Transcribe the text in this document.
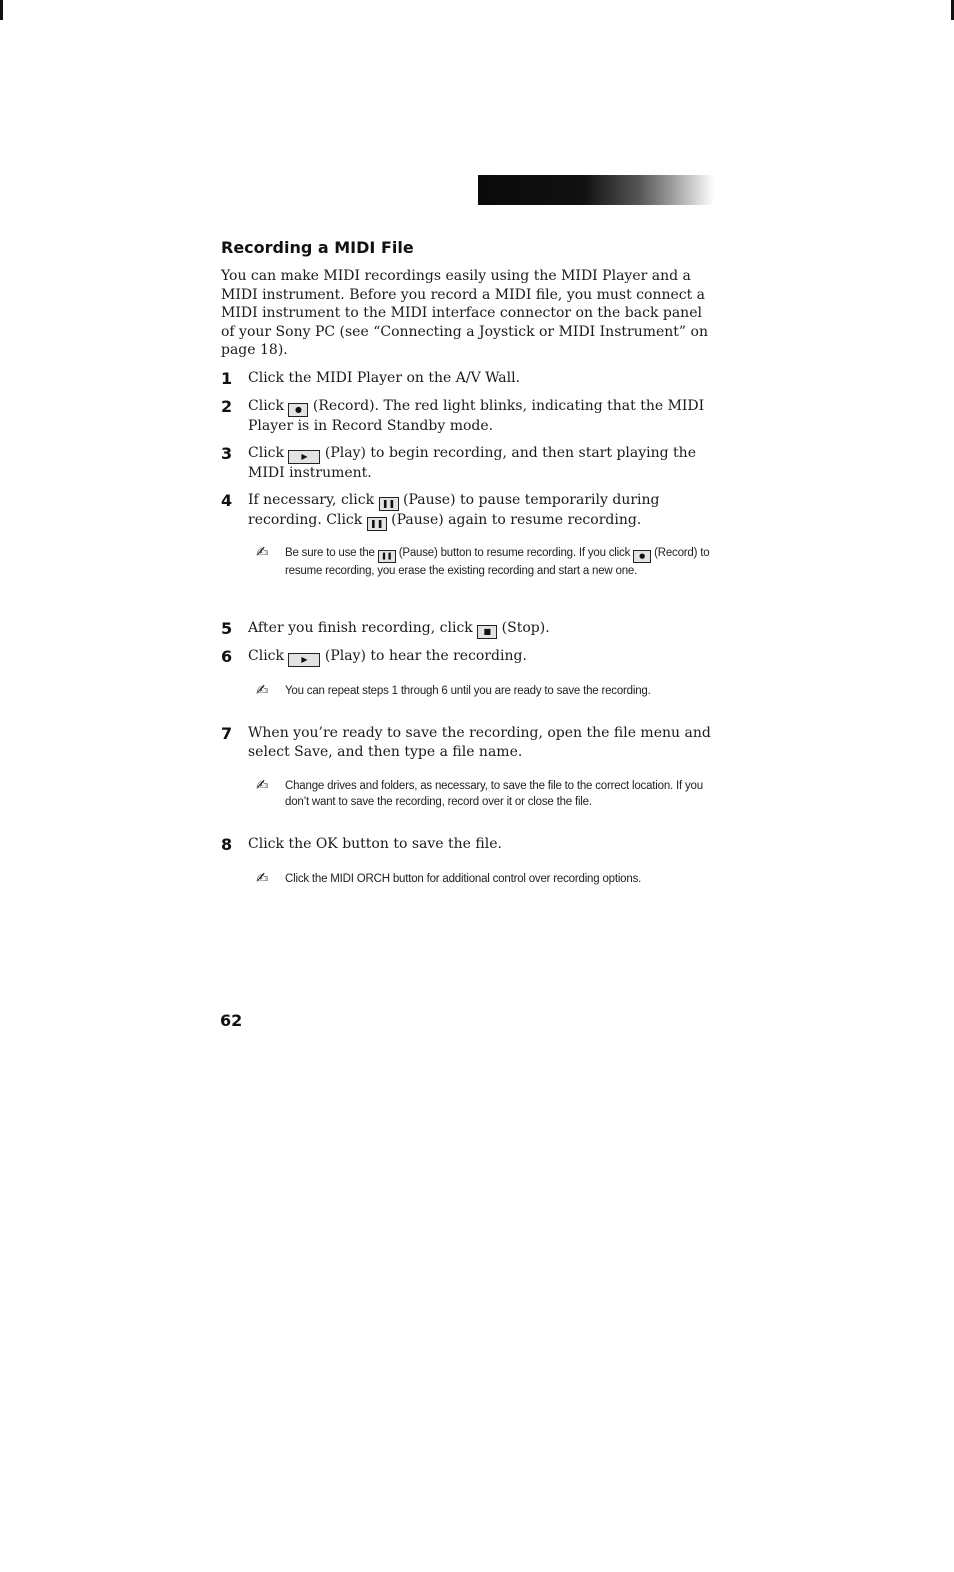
Recording a MIDI File

You can make MIDI recordings easily using the MIDI Player and a MIDI instrument. Before you record a MIDI file, you must connect a MIDI instrument to the MIDI interface connector on the back panel of your Sony PC (see “Connecting a Joystick or MIDI Instrument” on page 18).

1 Click the MIDI Player on the A/V Wall.
2 Click ● (Record). The red light blinks, indicating that the MIDI Player is in Record Standby mode.
3 Click ▶ (Play) to begin recording, and then start playing the MIDI instrument.
4 If necessary, click ❚❚ (Pause) to pause temporarily during recording. Click ❚❚ (Pause) again to resume recording.
✍ Be sure to use the ❚❚ (Pause) button to resume recording. If you click ● (Record) to resume recording, you erase the existing recording and start a new one.
5 After you finish recording, click ■ (Stop).
6 Click ▶ (Play) to hear the recording.
✍ You can repeat steps 1 through 6 until you are ready to save the recording.
7 When you’re ready to save the recording, open the file menu and select Save, and then type a file name.
✍ Change drives and folders, as necessary, to save the file to the correct location. If you don’t want to save the recording, record over it or close the file.
8 Click the OK button to save the file.
✍ Click the MIDI ORCH button for additional control over recording options.
62
